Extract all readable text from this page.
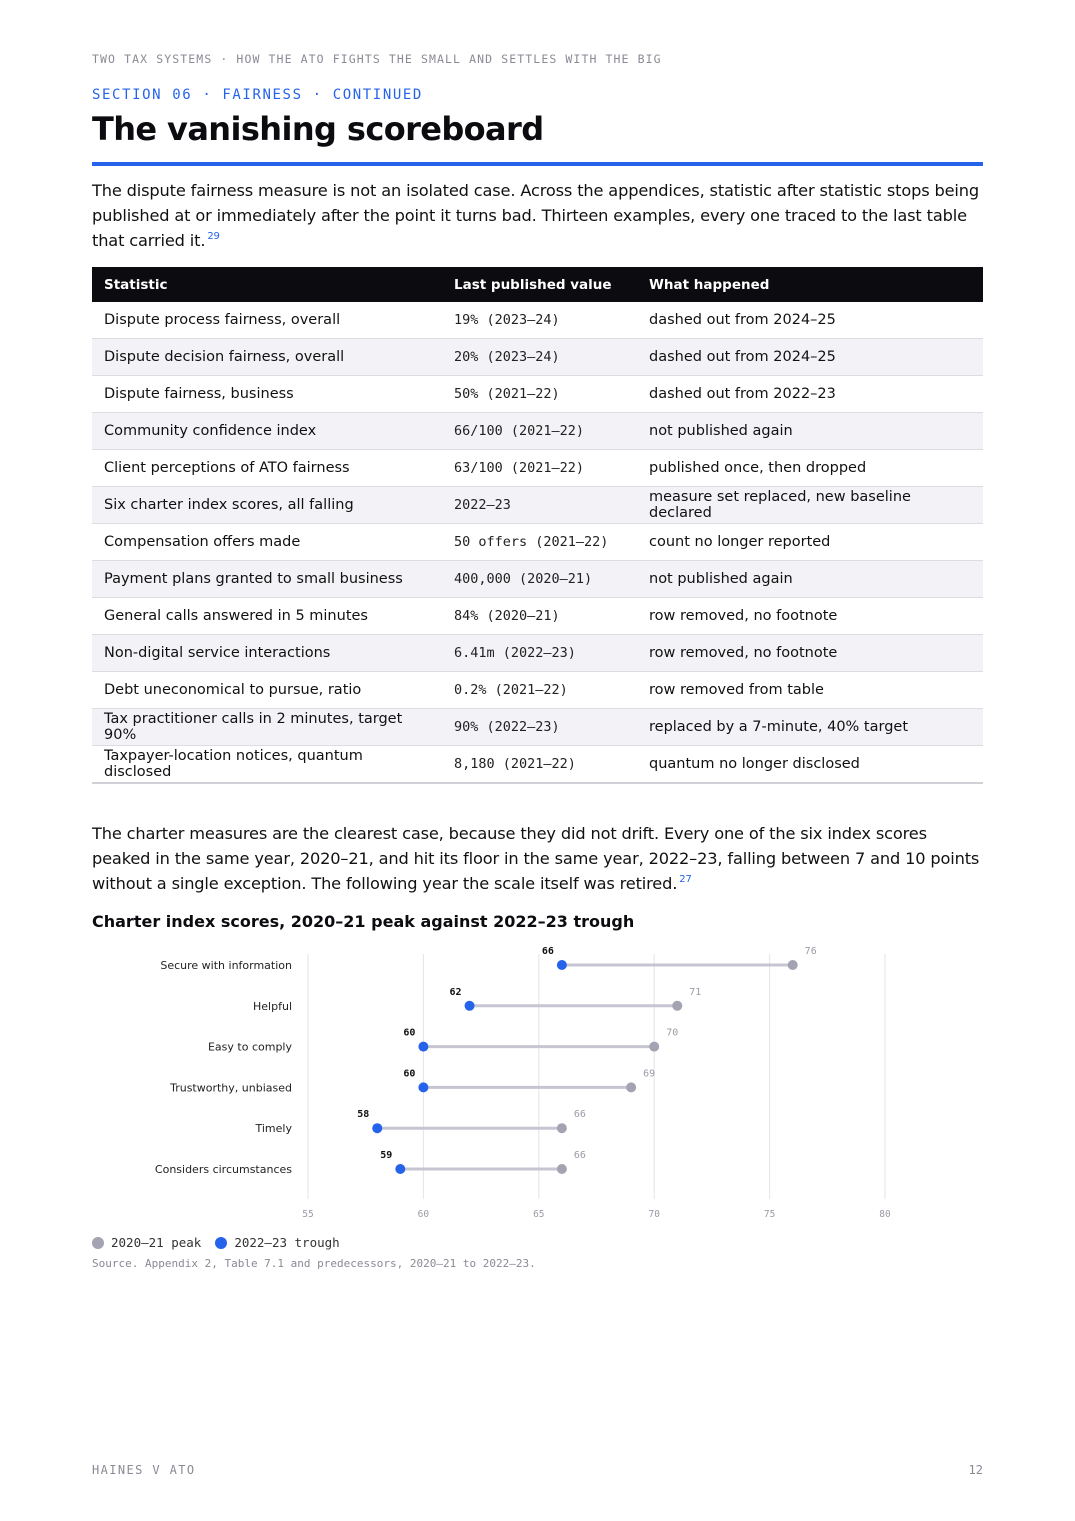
TWO TAX SYSTEMS · HOW THE ATO FIGHTS THE SMALL AND SETTLES WITH THE BIG
SECTION 06 · FAIRNESS · CONTINUED
The vanishing scoreboard

The dispute fairness measure is not an isolated case. Across the appendices, statistic after statistic stops being published at or immediately after the point it turns bad. Thirteen examples, every one traced to the last table that carried it. $^{29}$

Statistic	Last published value	What happened
Dispute process fairness, overall	19% (2023–24)	dashed out from 2024–25
Dispute decision fairness, overall	20% (2023–24)	dashed out from 2024–25
Dispute fairness, business	50% (2021–22)	dashed out from 2022–23
Community confidence index	66/100 (2021–22)	not published again
Client perceptions of ATO fairness	63/100 (2021–22)	published once, then dropped
Six charter index scores, all falling	2022–23	measure set replaced, new baseline declared
Compensation offers made	50 offers (2021–22)	count no longer reported
Payment plans granted to small business	400,000 (2020–21)	not published again
General calls answered in 5 minutes	84% (2020–21)	row removed, no footnote
Non-digital service interactions	6.41m (2022–23)	row removed, no footnote
Debt uneconomical to pursue, ratio	0.2% (2021–22)	row removed from table
Tax practitioner calls in 2 minutes, target 90%	90% (2022–23)	replaced by a 7-minute, 40% target
Taxpayer-location notices, quantum disclosed	8,180 (2021–22)	quantum no longer disclosed

The charter measures are the clearest case, because they did not drift. Every one of the six index scores peaked in the same year, 2020–21, and hit its floor in the same year, 2022–23, falling between 7 and 10 points without a single exception. The following year the scale itself was retired. $^{27}$

Charter index scores, 2020–21 peak against 2022–23 trough
55	60	65	70	75	80
Secure with information
76
66
Helpful
71
62
Easy to comply
70
60
Trustworthy, unbiased
69
60
Timely
66
58
Considers circumstances
66
59
2020–21 peak	2022–23 trough
Source. Appendix 2, Table 7.1 and predecessors, 2020–21 to 2022–23.
HAINES V ATO	12
